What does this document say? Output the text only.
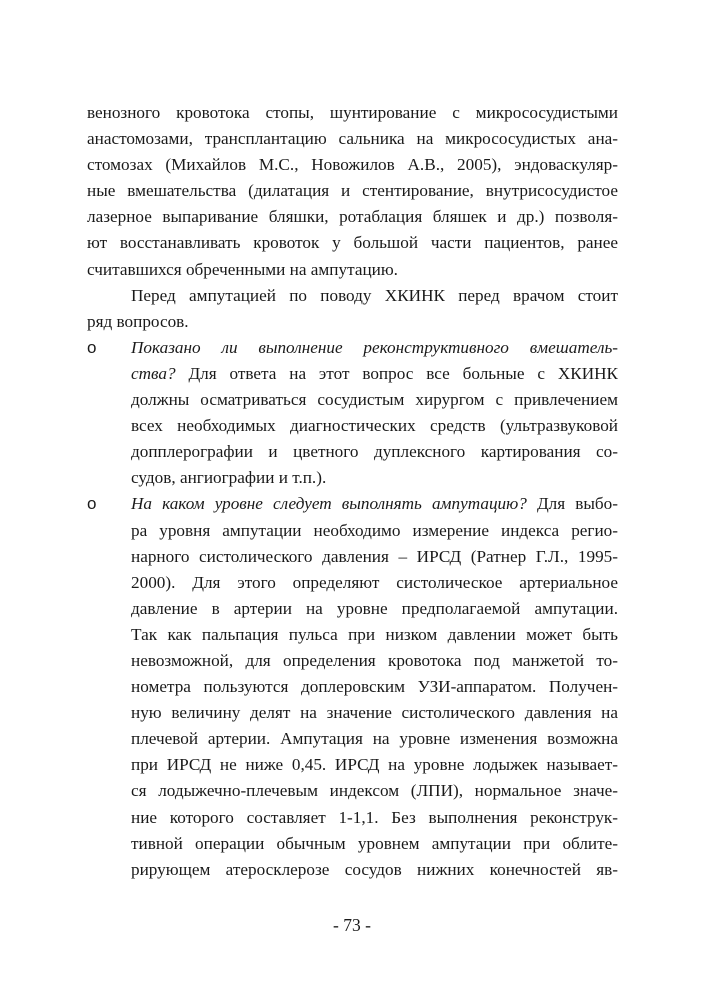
венозного кровотока стопы, шунтирование с микрососудистыми
анастомозами, трансплантацию сальника на микрососудистых ана-
стомозах (Михайлов М.С., Новожилов А.В., 2005), эндоваскуляр-
ные вмешательства (дилатация и стентирование, внутрисосудистое
лазерное выпаривание бляшки, ротаблация бляшек и др.) позволя-
ют восстанавливать кровоток у большой части пациентов, ранее
считавшихся обреченными на ампутацию.
Перед ампутацией по поводу ХКИНК перед врачом стоит
ряд вопросов.
o Показано ли выполнение реконструктивного вмешатель-
ства? Для ответа на этот вопрос все больные с ХКИНК
должны осматриваться сосудистым хирургом с привлечением
всех необходимых диагностических средств (ультразвуковой
допплерографии и цветного дуплексного картирования со-
судов, ангиографии и т.п.).
o На каком уровне следует выполнять ампутацию? Для выбо-
ра уровня ампутации необходимо измерение индекса регио-
нарного систолического давления – ИРСД (Ратнер Г.Л., 1995-
2000). Для этого определяют систолическое артериальное
давление в артерии на уровне предполагаемой ампутации.
Так как пальпация пульса при низком давлении может быть
невозможной, для определения кровотока под манжетой то-
нометра пользуются доплеровским УЗИ-аппаратом. Получен-
ную величину делят на значение систолического давления на
плечевой артерии. Ампутация на уровне изменения возможна
при ИРСД не ниже 0,45. ИРСД на уровне лодыжек называет-
ся лодыжечно-плечевым индексом (ЛПИ), нормальное значе-
ние которого составляет 1-1,1. Без выполнения реконструк-
тивной операции обычным уровнем ампутации при облите-
рирующем атеросклерозе сосудов нижних конечностей яв-
- 73 -
